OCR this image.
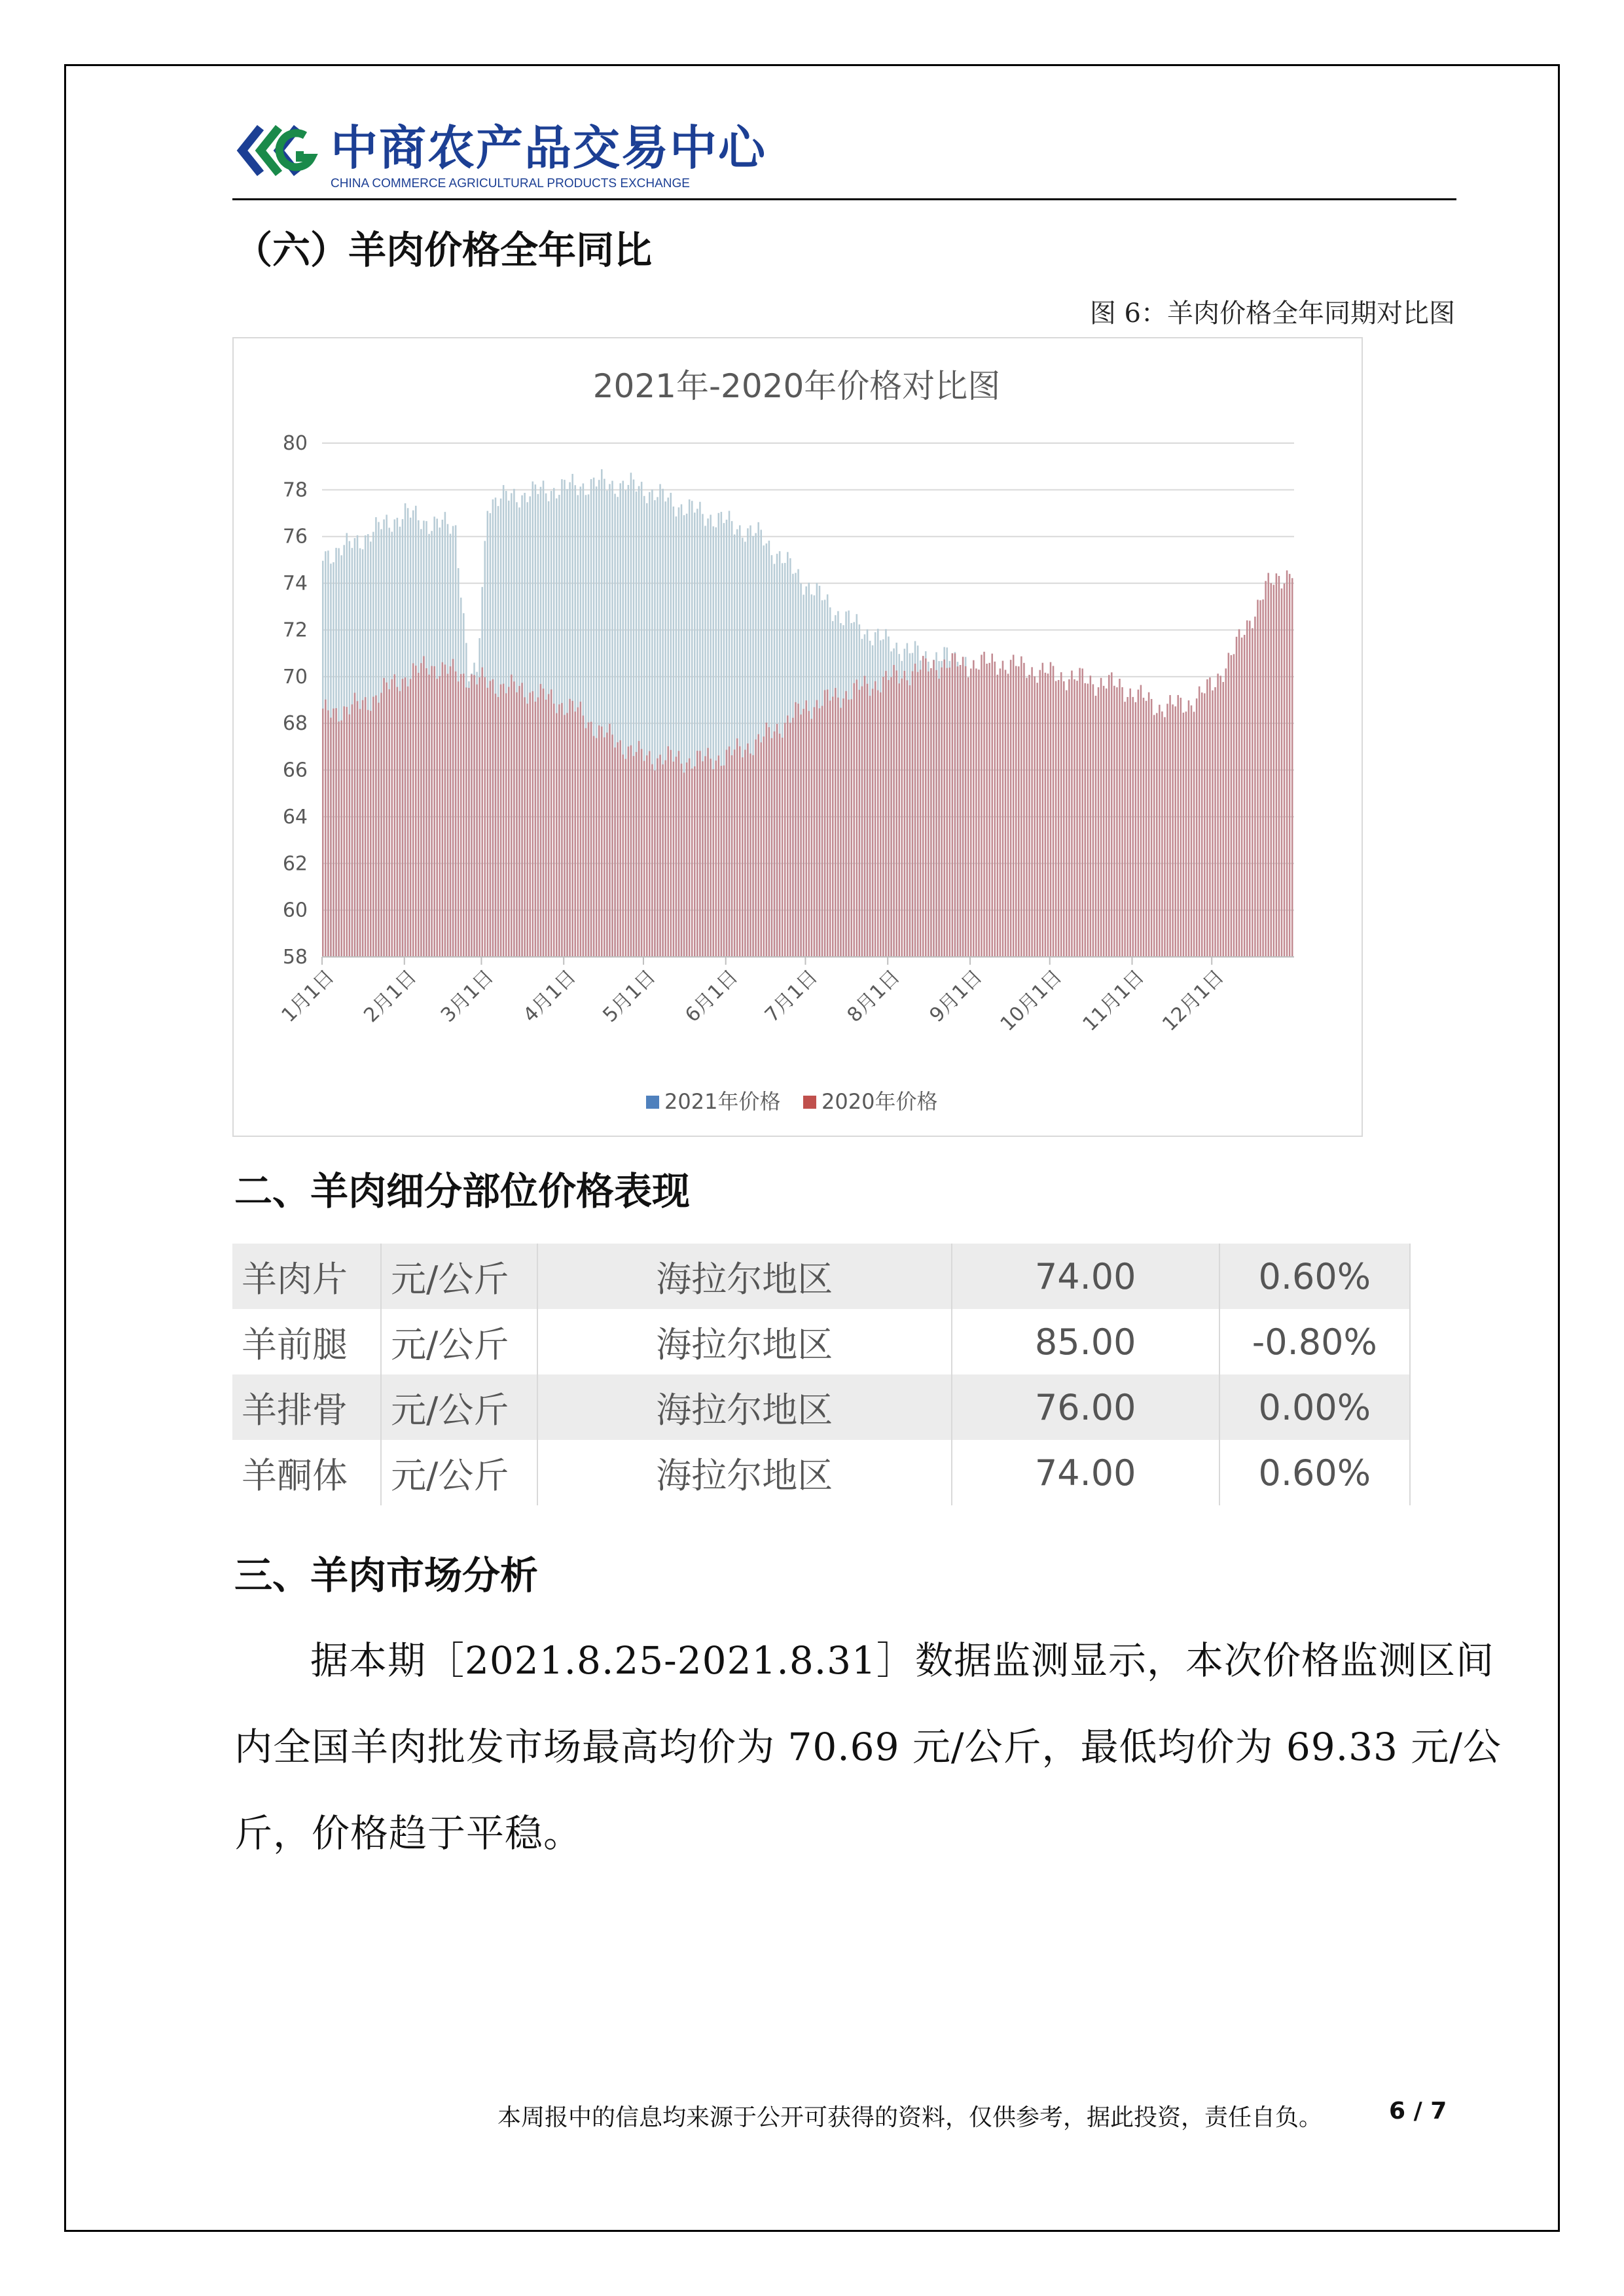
中商农产品交易中心
CHINA COMMERCE AGRICULTURAL PRODUCTS EXCHANGE
（六）羊肉价格全年同比
图 6：羊肉价格全年同期对比图
58
60
62
64
66
68
70
72
74
76
78
80
1月1日 2月1日 3月1日 4月1日 5月1日 6月1日 7月1日 8月1日 9月1日 10月1日 11月1日 12月1日
2021年-2020年价格对比图
2021年价格 2020年价格
二、羊肉细分部位价格表现
羊肉片	元/公斤	海拉尔地区	74.00	0.60%
羊前腿	元/公斤	海拉尔地区	85.00	-0.80%
羊排骨	元/公斤	海拉尔地区	76.00	0.00%
羊酮体	元/公斤	海拉尔地区	74.00	0.60%
三、羊肉市场分析
据本期［2021.8.25-2021.8.31］数据监测显示，本次价格监测区间
内全国羊肉批发市场最高均价为 70.69 元/公斤，最低均价为 69.33 元/公
斤，价格趋于平稳。
本周报中的信息均来源于公开可获得的资料，仅供参考，据此投资，责任自负。	6 / 7
